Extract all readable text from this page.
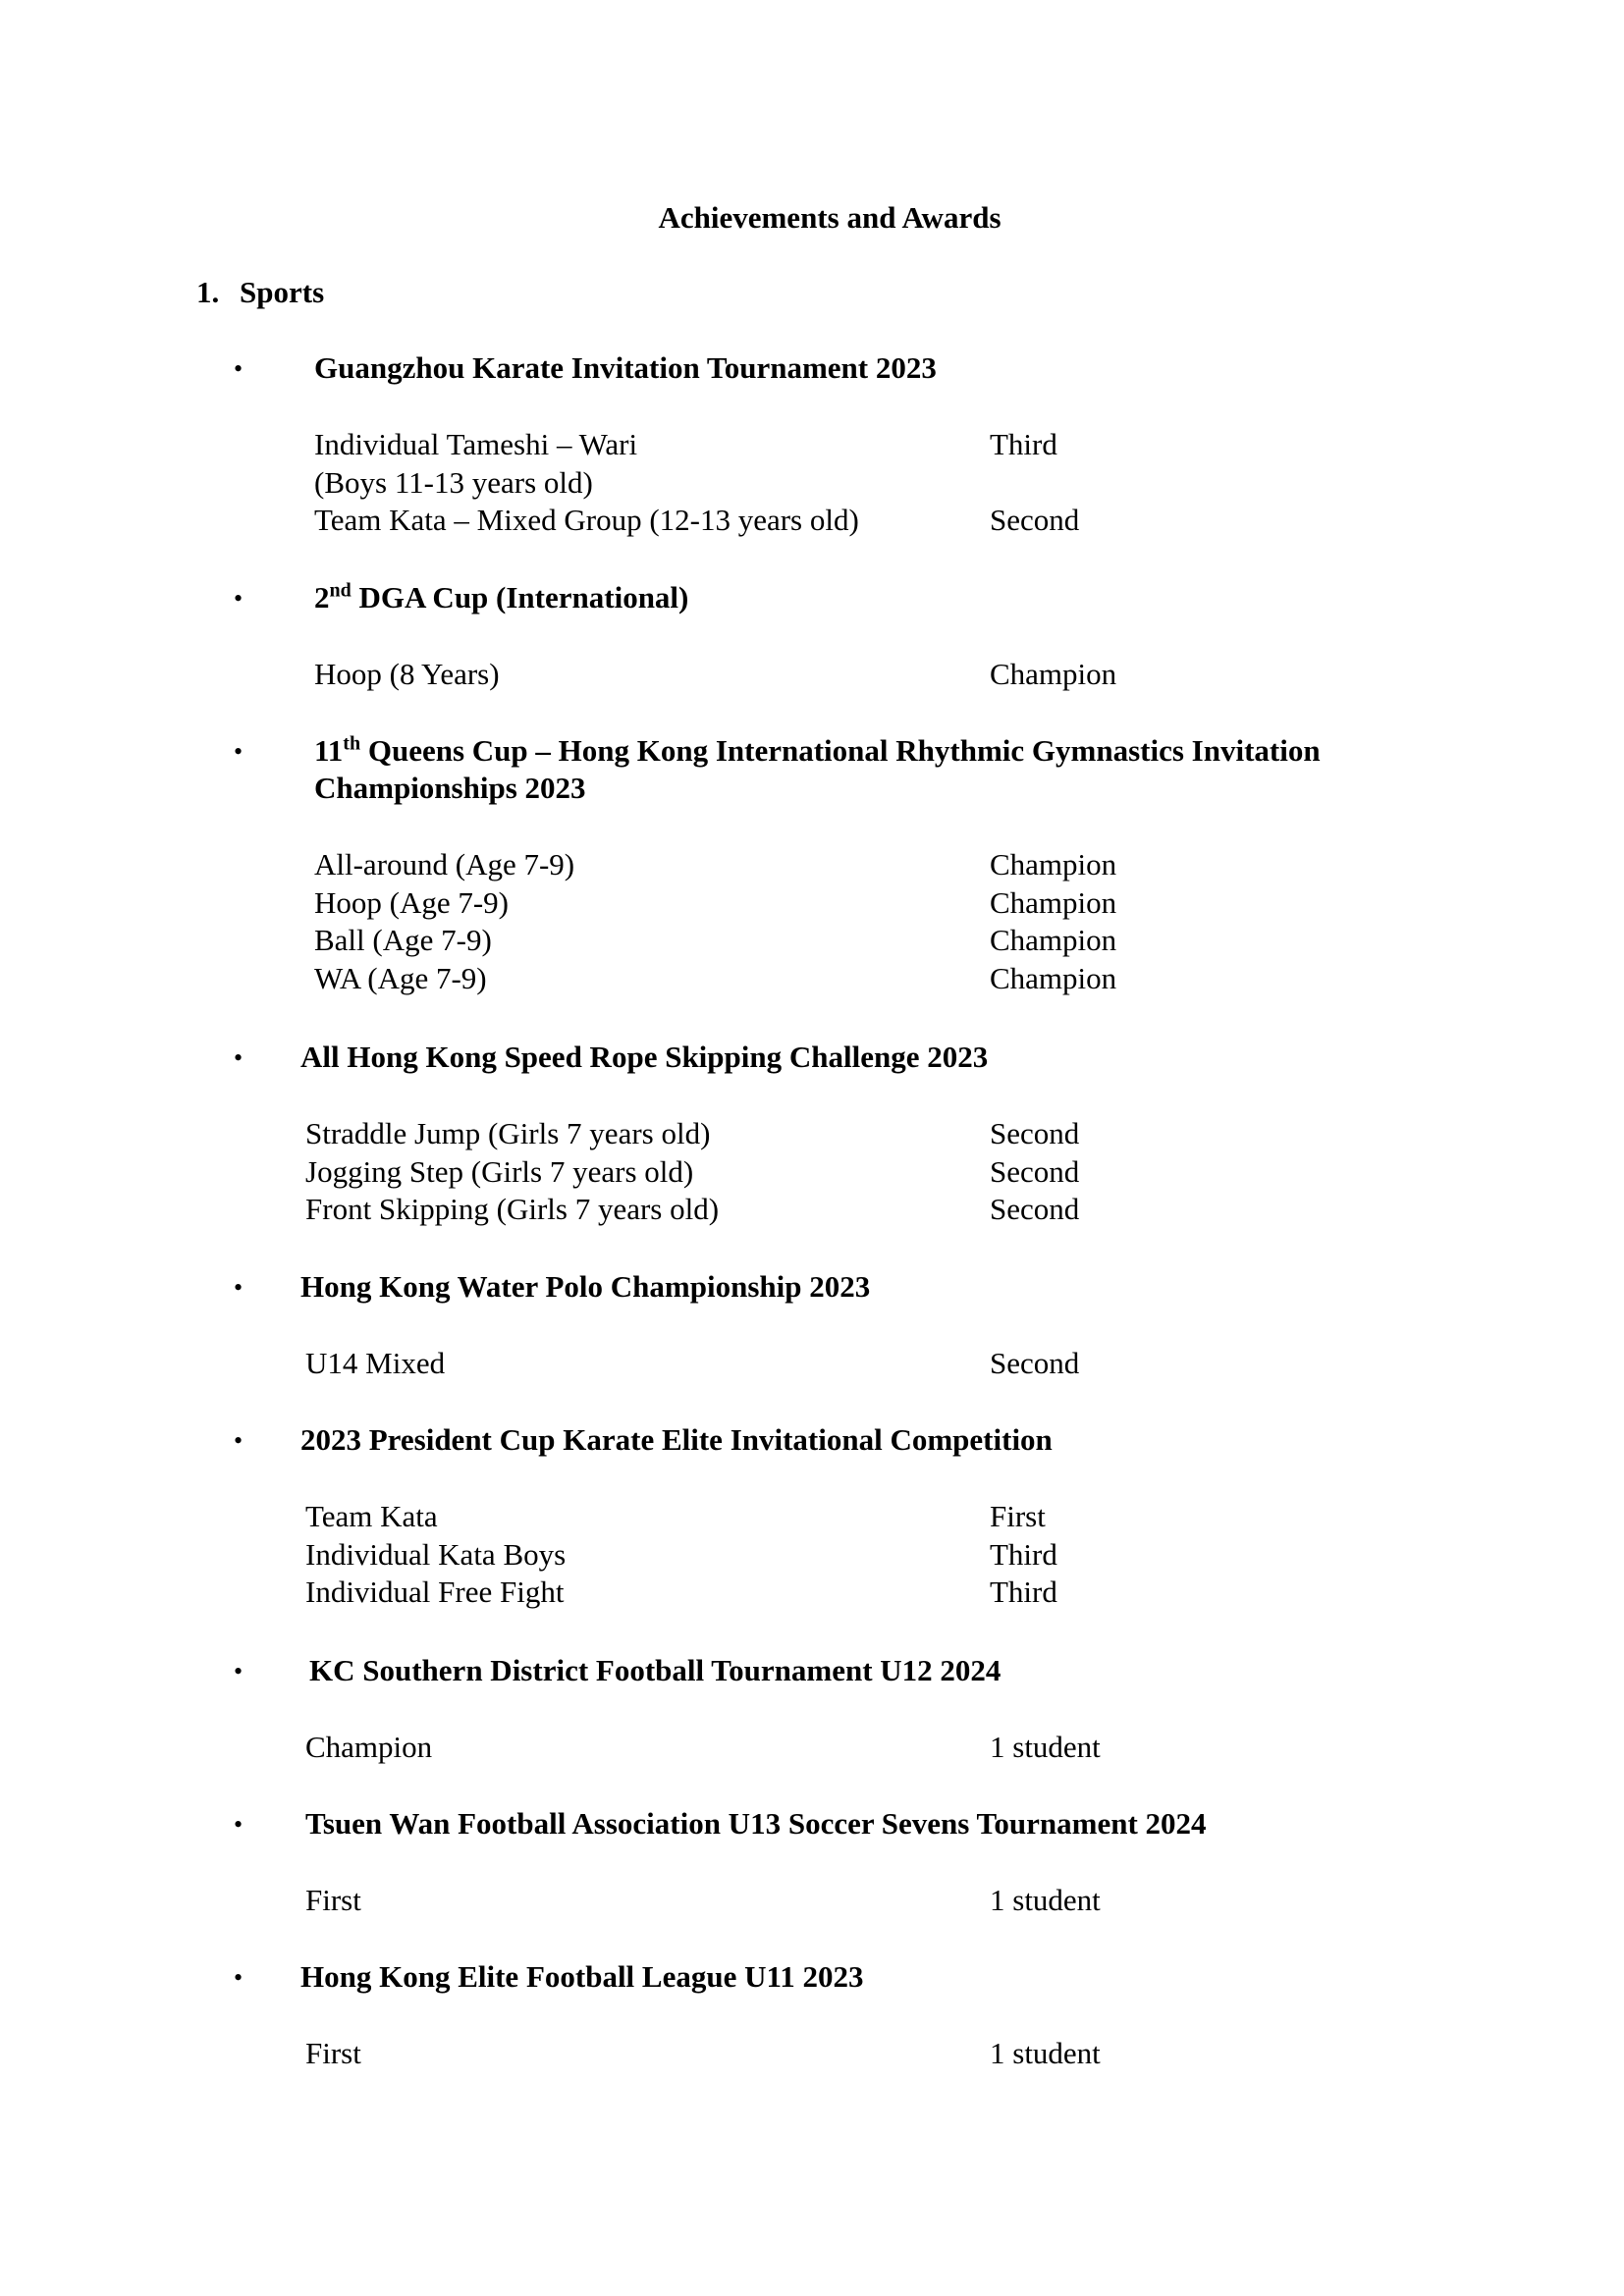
Achievements and Awards
1. Sports
• Guangzhou Karate Invitation Tournament 2023
Individual Tameshi – Wari	Third
(Boys 11-13 years old)
Team Kata – Mixed Group (12-13 years old)	Second
• 2nd DGA Cup (International)
Hoop (8 Years)	Champion
• 11th Queens Cup – Hong Kong International Rhythmic Gymnastics Invitation Championships 2023
All-around (Age 7-9)	Champion
Hoop (Age 7-9)	Champion
Ball (Age 7-9)	Champion
WA (Age 7-9)	Champion
• All Hong Kong Speed Rope Skipping Challenge 2023
Straddle Jump (Girls 7 years old)	Second
Jogging Step (Girls 7 years old)	Second
Front Skipping (Girls 7 years old)	Second
• Hong Kong Water Polo Championship 2023
U14 Mixed	Second
• 2023 President Cup Karate Elite Invitational Competition
Team Kata	First
Individual Kata Boys	Third
Individual Free Fight	Third
• KC Southern District Football Tournament U12 2024
Champion	1 student
• Tsuen Wan Football Association U13 Soccer Sevens Tournament 2024
First	1 student
• Hong Kong Elite Football League U11 2023
First	1 student
